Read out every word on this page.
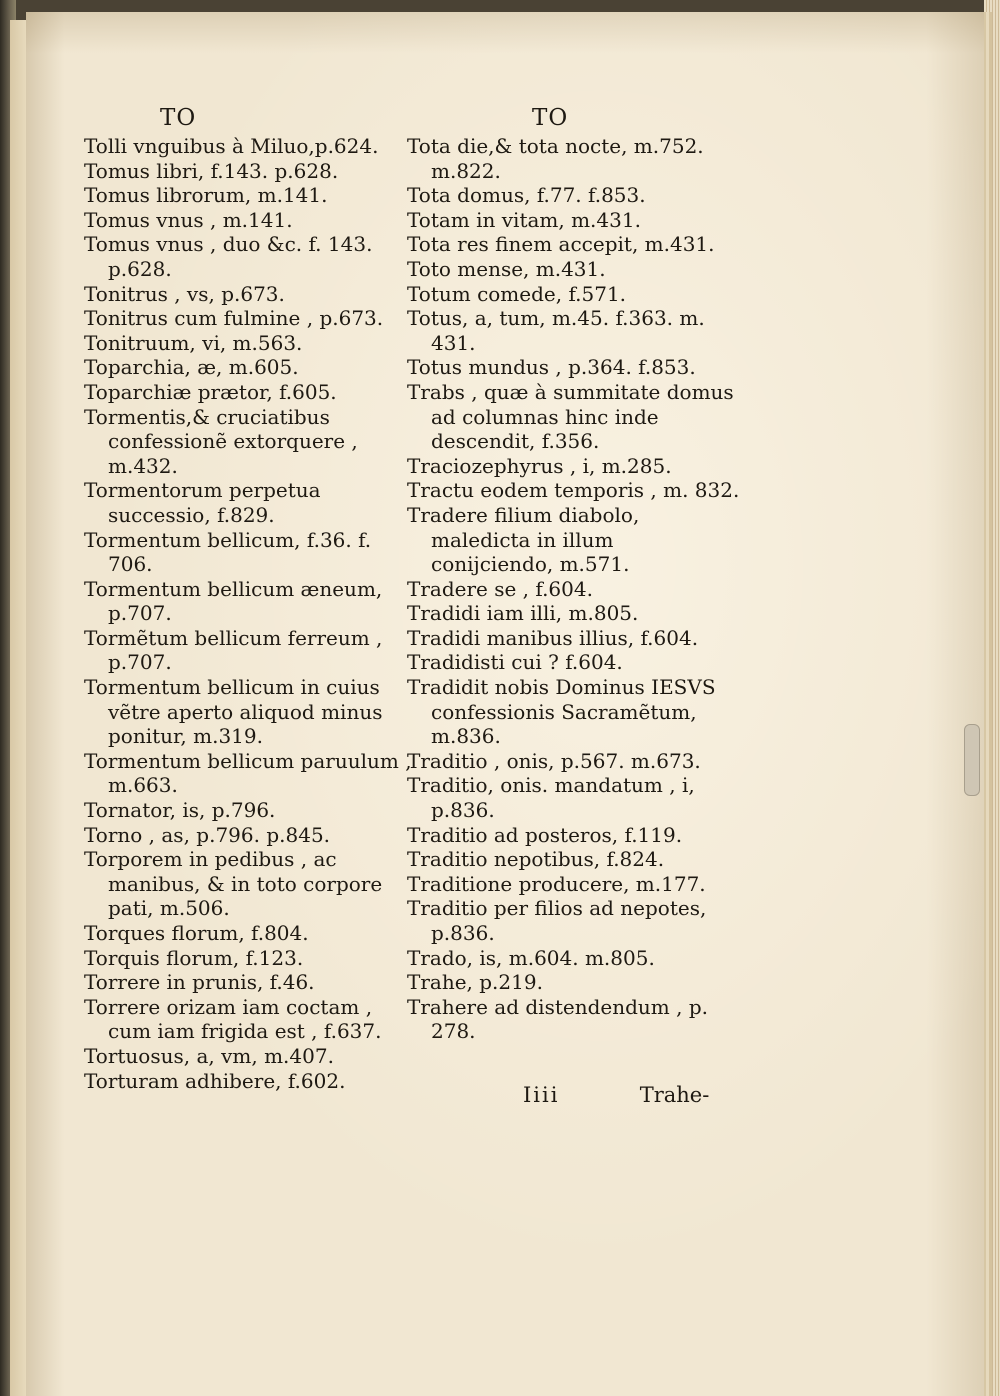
TO
Tolli vnguibus à Miluo,p.624.
Tomus libri, f.143. p.628.
Tomus librorum, m.141.
Tomus vnus , m.141.
Tomus vnus , duo &c. f. 143. p.628.
Tonitrus , vs, p.673.
Tonitrus cum fulmine , p.673.
Tonitruum, vi, m.563.
Toparchia, æ, m.605.
Toparchiæ prætor, f.605.
Tormentis,& cruciatibus confessionẽ extorquere , m.432.
Tormentorum perpetua successio, f.829.
Tormentum bellicum, f.36. f. 706.
Tormentum bellicum æneum, p.707.
Tormẽtum bellicum ferreum , p.707.
Tormentum bellicum in cuius vẽtre aperto aliquod minus ponitur, m.319.
Tormentum bellicum paruulum , m.663.
Tornator, is, p.796.
Torno , as, p.796. p.845.
Torporem in pedibus , ac manibus, & in toto corpore pati, m.506.
Torques florum, f.804.
Torquis florum, f.123.
Torrere in prunis, f.46.
Torrere orizam iam coctam , cum iam frigida est , f.637.
Tortuosus, a, vm, m.407.
Torturam adhibere, f.602.
TO
Tota die,& tota nocte, m.752. m.822.
Tota domus, f.77. f.853.
Totam in vitam, m.431.
Tota res finem accepit, m.431.
Toto mense, m.431.
Totum comede, f.571.
Totus, a, tum, m.45. f.363. m. 431.
Totus mundus , p.364. f.853.
Trabs , quæ à summitate domus ad columnas hinc inde descendit, f.356.
Traciozephyrus , i, m.285.
Tractu eodem temporis , m. 832.
Tradere filium diabolo, maledicta in illum conijciendo, m.571.
Tradere se , f.604.
Tradidi iam illi, m.805.
Tradidi manibus illius, f.604.
Tradidisti cui ? f.604.
Tradidit nobis Dominus IESVS confessionis Sacramẽtum, m.836.
Traditio , onis, p.567. m.673.
Traditio, onis. mandatum , i, p.836.
Traditio ad posteros, f.119.
Traditio nepotibus, f.824.
Traditione producere, m.177.
Traditio per filios ad nepotes, p.836.
Trado, is, m.604. m.805.
Trahe, p.219.
Trahere ad distendendum , p. 278.
Iiii	Trahe-
